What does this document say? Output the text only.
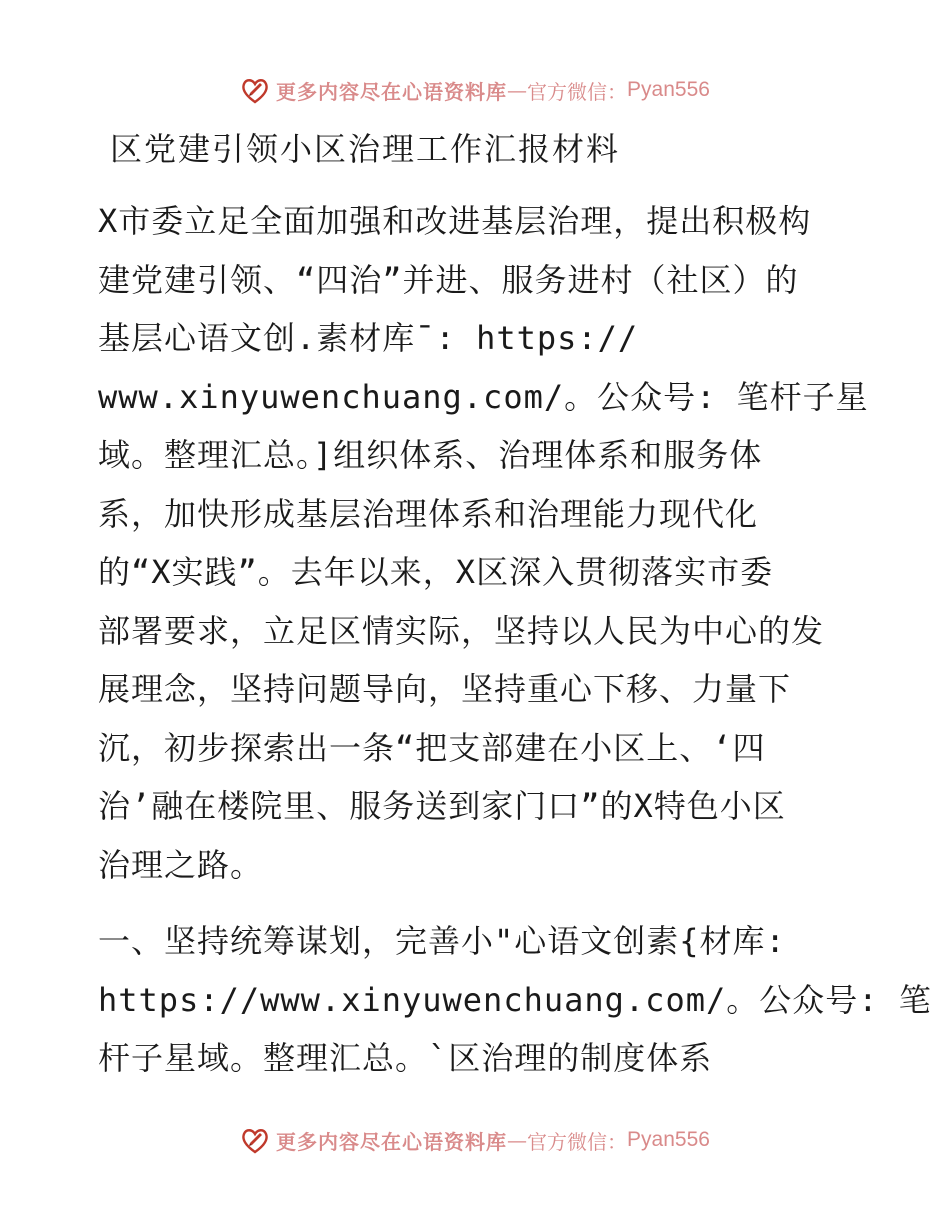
更多内容尽在心语资料库 — 官方微信： Pyan556
区党建引领小区治理工作汇报材料
X市委立足全面加强和改进基层治理，提出积极构
建党建引领、“四治”并进、服务进村（社区）的
基层心语文创.素材库¯: https://
www.xinyuwenchuang.com/。公众号: 笔杆子星
域。整理汇总。]组织体系、治理体系和服务体
系，加快形成基层治理体系和治理能力现代化
的“X实践”。去年以来，X区深入贯彻落实市委
部署要求，立足区情实际，坚持以人民为中心的发
展理念，坚持问题导向，坚持重心下移、力量下
沉，初步探索出一条“把支部建在小区上、‘四
治’融在楼院里、服务送到家门口”的X特色小区
治理之路。
一、坚持统筹谋划，完善小"心语文创素{材库:
https://www.xinyuwenchuang.com/。公众号: 笔
杆子星域。整理汇总。`区治理的制度体系
更多内容尽在心语资料库 — 官方微信： Pyan556
